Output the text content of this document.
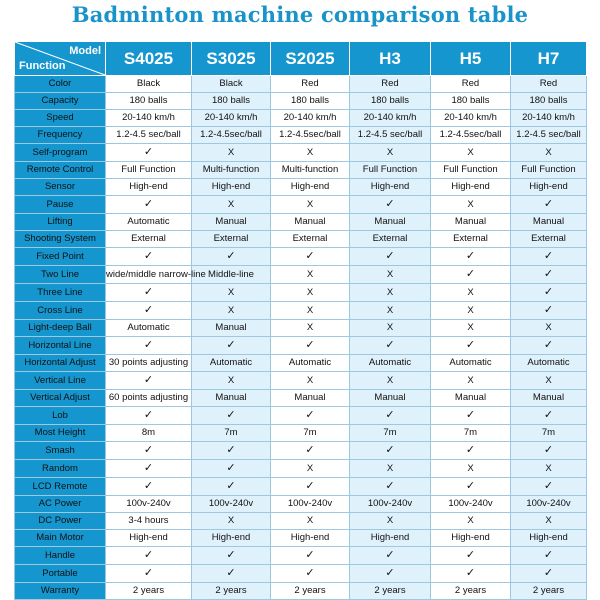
Badminton machine comparison table
Model
Function	S4025	S3025	S2025	H3	H5	H7
Color	Black	Black	Red	Red	Red	Red
Capacity	180 balls	180 balls	180 balls	180 balls	180 balls	180 balls
Speed	20-140 km/h	20-140 km/h	20-140 km/h	20-140 km/h	20-140 km/h	20-140 km/h
Frequency	1.2-4.5 sec/ball	1.2-4.5sec/ball	1.2-4.5sec/ball	1.2-4.5 sec/ball	1.2-4.5sec/ball	1.2-4.5 sec/ball
Self-program	✓	X	X	X	X	X
Remote Control	Full Function	Multi-function	Multi-function	Full Function	Full Function	Full Function
Sensor	High-end	High-end	High-end	High-end	High-end	High-end
Pause	✓	X	X	✓	X	✓
Lifting	Automatic	Manual	Manual	Manual	Manual	Manual
Shooting System	External	External	External	External	External	External
Fixed Point	✓	✓	✓	✓	✓	✓
Two Line	wide/middle narrow-line	Middle-line	X	X	✓	✓
Three Line	✓	X	X	X	X	✓
Cross Line	✓	X	X	X	X	✓
Light-deep Ball	Automatic	Manual	X	X	X	X
Horizontal Line	✓	✓	✓	✓	✓	✓
Horizontal Adjust	30 points adjusting	Automatic	Automatic	Automatic	Automatic	Automatic
Vertical Line	✓	X	X	X	X	X
Vertical Adjust	60 points adjusting	Manual	Manual	Manual	Manual	Manual
Lob	✓	✓	✓	✓	✓	✓
Most Height	8m	7m	7m	7m	7m	7m
Smash	✓	✓	✓	✓	✓	✓
Random	✓	✓	X	X	X	X
LCD Remote	✓	✓	✓	✓	✓	✓
AC Power	100v-240v	100v-240v	100v-240v	100v-240v	100v-240v	100v-240v
DC Power	3-4 hours	X	X	X	X	X
Main Motor	High-end	High-end	High-end	High-end	High-end	High-end
Handle	✓	✓	✓	✓	✓	✓
Portable	✓	✓	✓	✓	✓	✓
Warranty	2 years	2 years	2 years	2 years	2 years	2 years
